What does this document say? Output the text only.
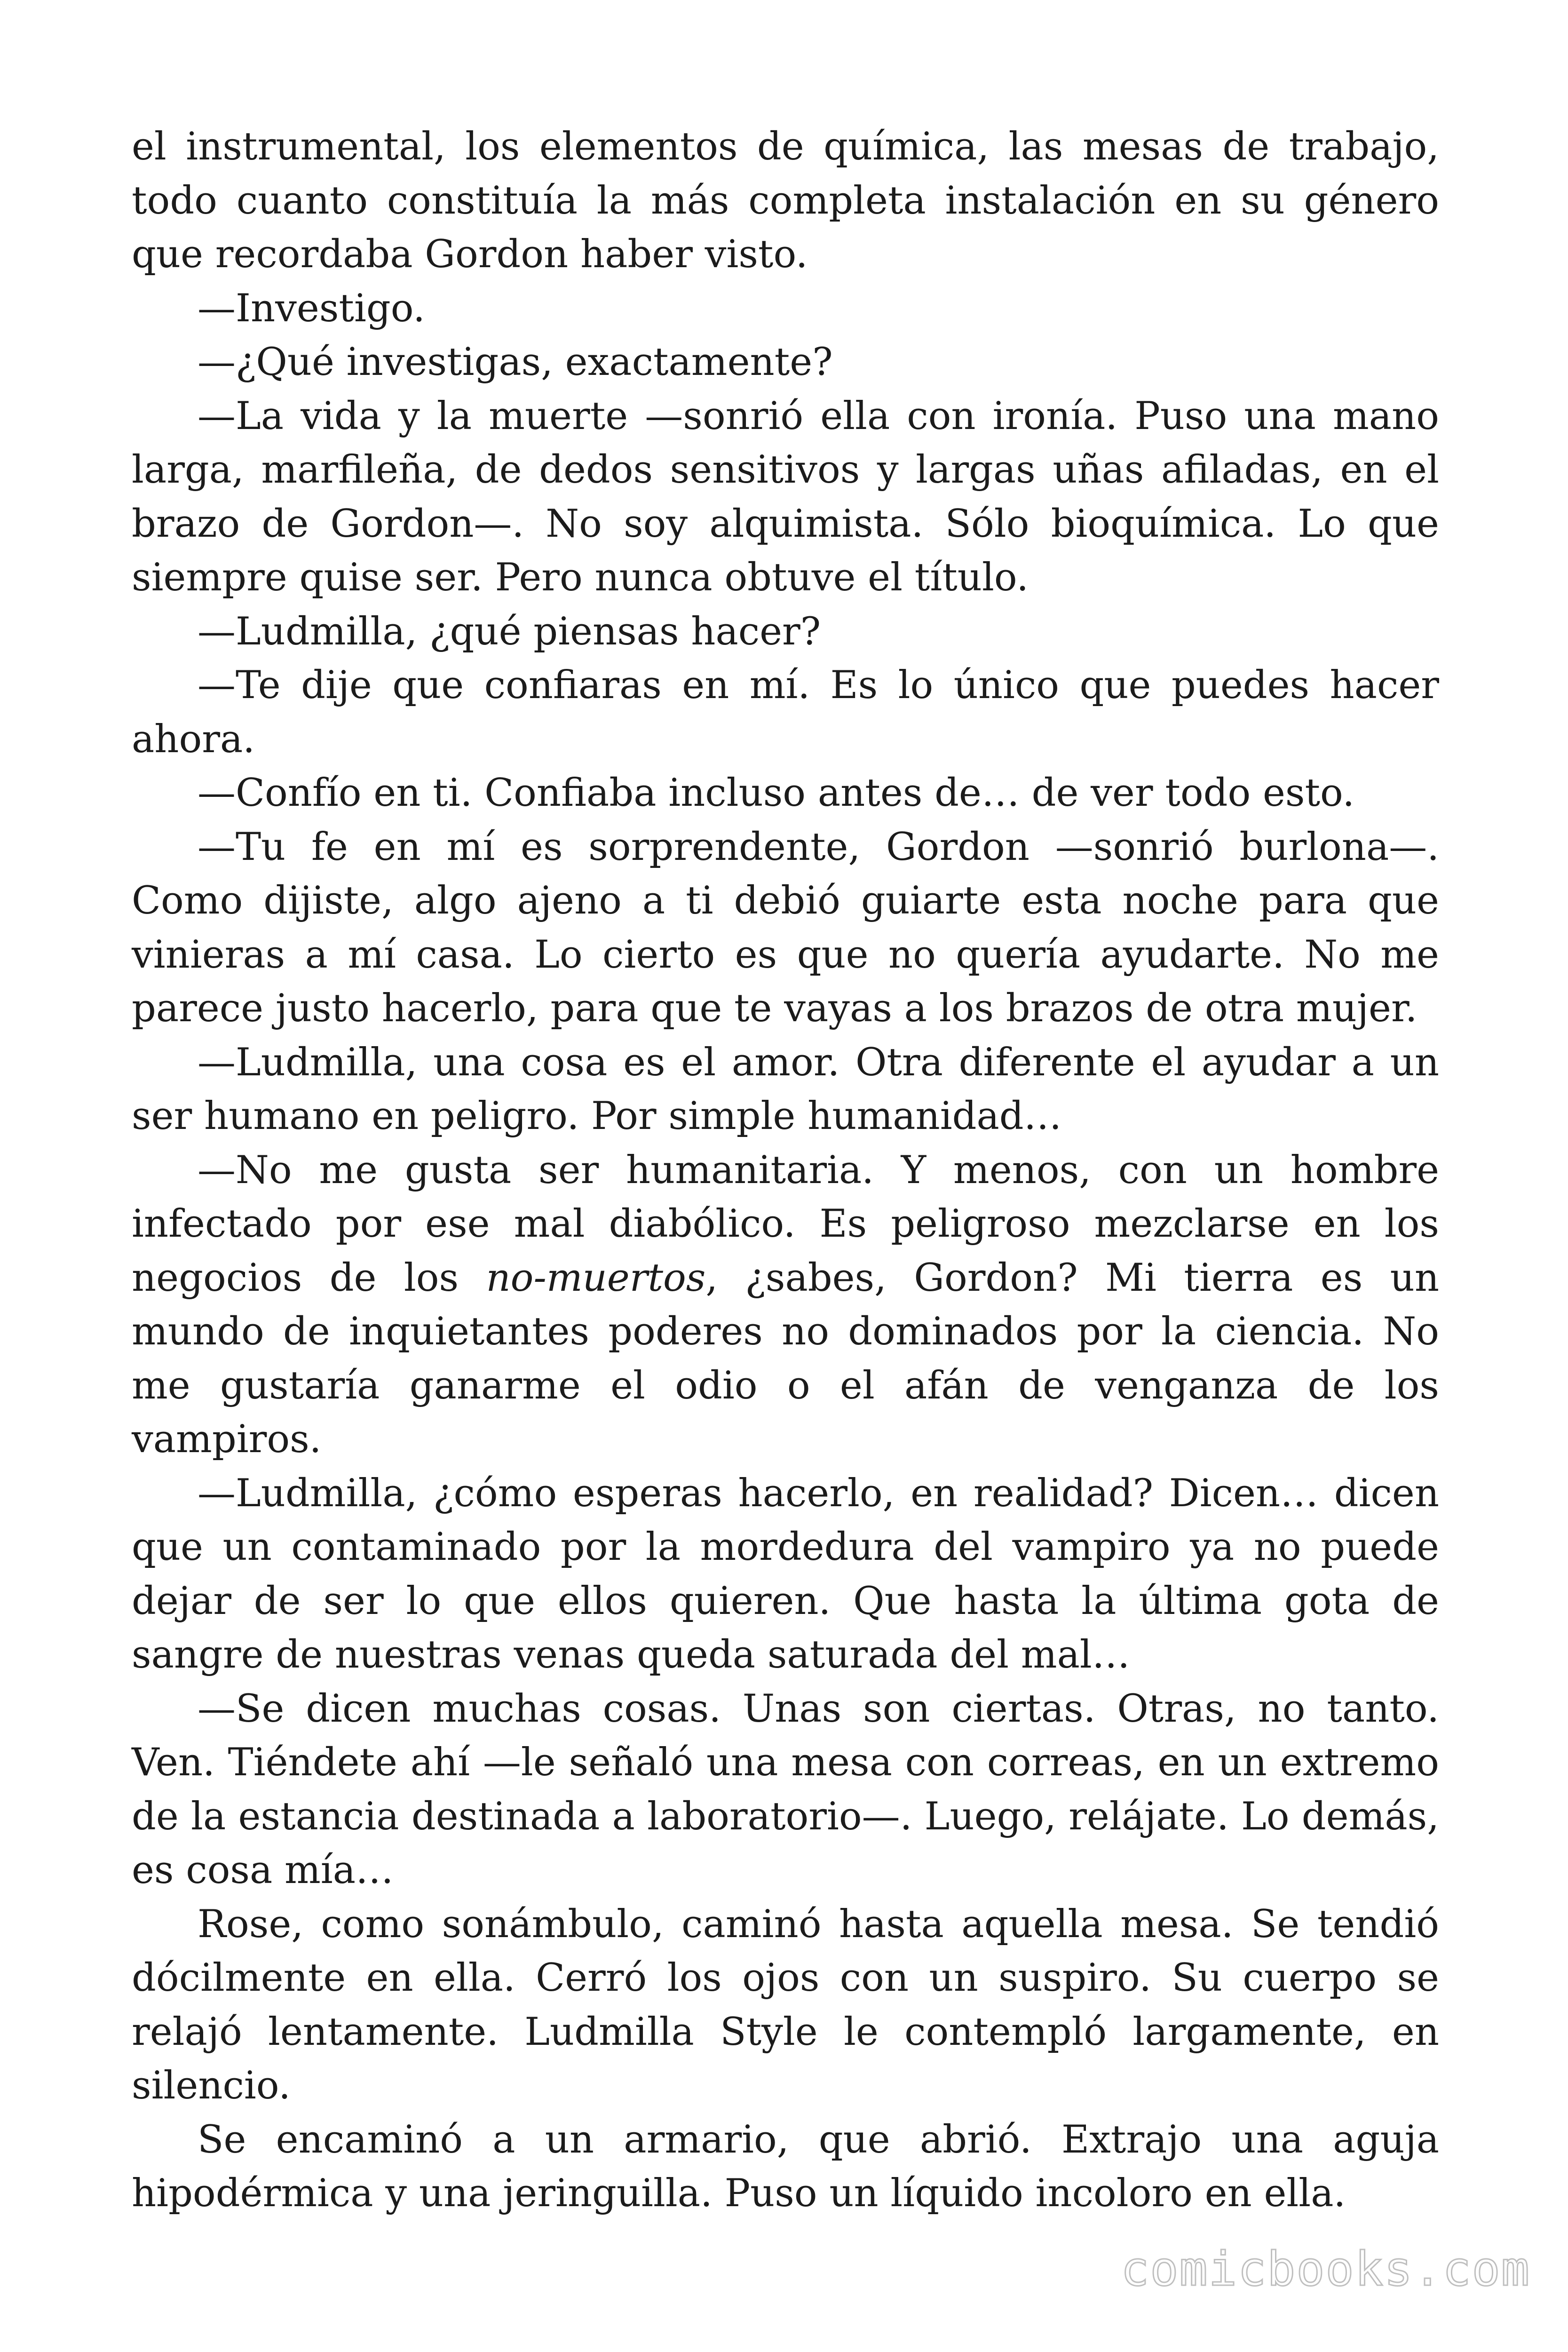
el instrumental, los elementos de química, las mesas de trabajo, todo cuanto constituía la más completa instalación en su género que recordaba Gordon haber visto.

—Investigo.

—¿Qué investigas, exactamente?

—La vida y la muerte —sonrió ella con ironía. Puso una mano larga, marfileña, de dedos sensitivos y largas uñas afiladas, en el brazo de Gordon—. No soy alquimista. Sólo bioquímica. Lo que siempre quise ser. Pero nunca obtuve el título.

—Ludmilla, ¿qué piensas hacer?

—Te dije que confiaras en mí. Es lo único que puedes hacer ahora.

—Confío en ti. Confiaba incluso antes de… de ver todo esto.

—Tu fe en mí es sorprendente, Gordon —sonrió burlona—. Como dijiste, algo ajeno a ti debió guiarte esta noche para que vinieras a mí casa. Lo cierto es que no quería ayudarte. No me parece justo hacerlo, para que te vayas a los brazos de otra mujer.

—Ludmilla, una cosa es el amor. Otra diferente el ayudar a un ser humano en peligro. Por simple humanidad…

—No me gusta ser humanitaria. Y menos, con un hombre infectado por ese mal diabólico. Es peligroso mezclarse en los negocios de los no-muertos, ¿sabes, Gordon? Mi tierra es un mundo de inquietantes poderes no dominados por la ciencia. No me gustaría ganarme el odio o el afán de venganza de los vampiros.

—Ludmilla, ¿cómo esperas hacerlo, en realidad? Dicen… dicen que un contaminado por la mordedura del vampiro ya no puede dejar de ser lo que ellos quieren. Que hasta la última gota de sangre de nuestras venas queda saturada del mal…

—Se dicen muchas cosas. Unas son ciertas. Otras, no tanto. Ven. Tiéndete ahí —le señaló una mesa con correas, en un extremo de la estancia destinada a laboratorio—. Luego, relájate. Lo demás, es cosa mía…

Rose, como sonámbulo, caminó hasta aquella mesa. Se tendió dócilmente en ella. Cerró los ojos con un suspiro. Su cuerpo se relajó lentamente. Ludmilla Style le contempló largamente, en silencio.

Se encaminó a un armario, que abrió. Extrajo una aguja hipodérmica y una jeringuilla. Puso un líquido incoloro en ella.

comicbooks.com
